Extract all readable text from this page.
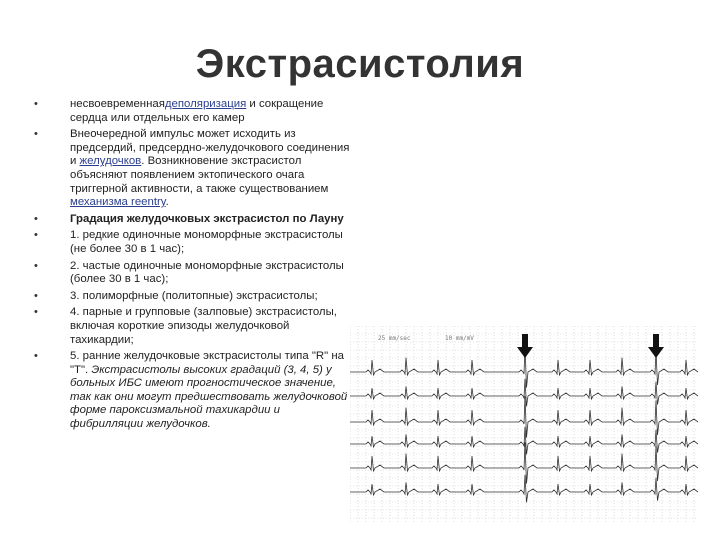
Экстрасистолия
•	несвоевременнаядеполяризация и сокращение сердца или отдельных его камер
•	Внеочередной импульс может исходить из предсердий, предсердно-желудочкового соединения и желудочков. Возникновение экстрасистол объясняют появлением эктопического очага триггерной активности, а также существованием механизма reentry.
•	Градация желудочковых экстрасистол по Лауну
•	1. редкие одиночные мономорфные экстрасистолы (не более 30 в 1 час);
•	2. частые одиночные мономорфные экстрасистолы (более 30 в 1 час);
•	3. полиморфные (политопные) экстрасистолы;
•	4. парные и групповые (залповые) экстрасистолы, включая короткие эпизоды желудочковой тахикардии;
•	5. ранние желудочковые экстрасистолы типа "R" на "T". Экстрасистолы высоких градаций (3, 4, 5) у больных ИБС имеют прогностическое значение, так как они могут предшествовать желудочковой форме пароксизмальной тахикардии и фибрилляции желудочков.
25 mm/sec	10 mm/mV
